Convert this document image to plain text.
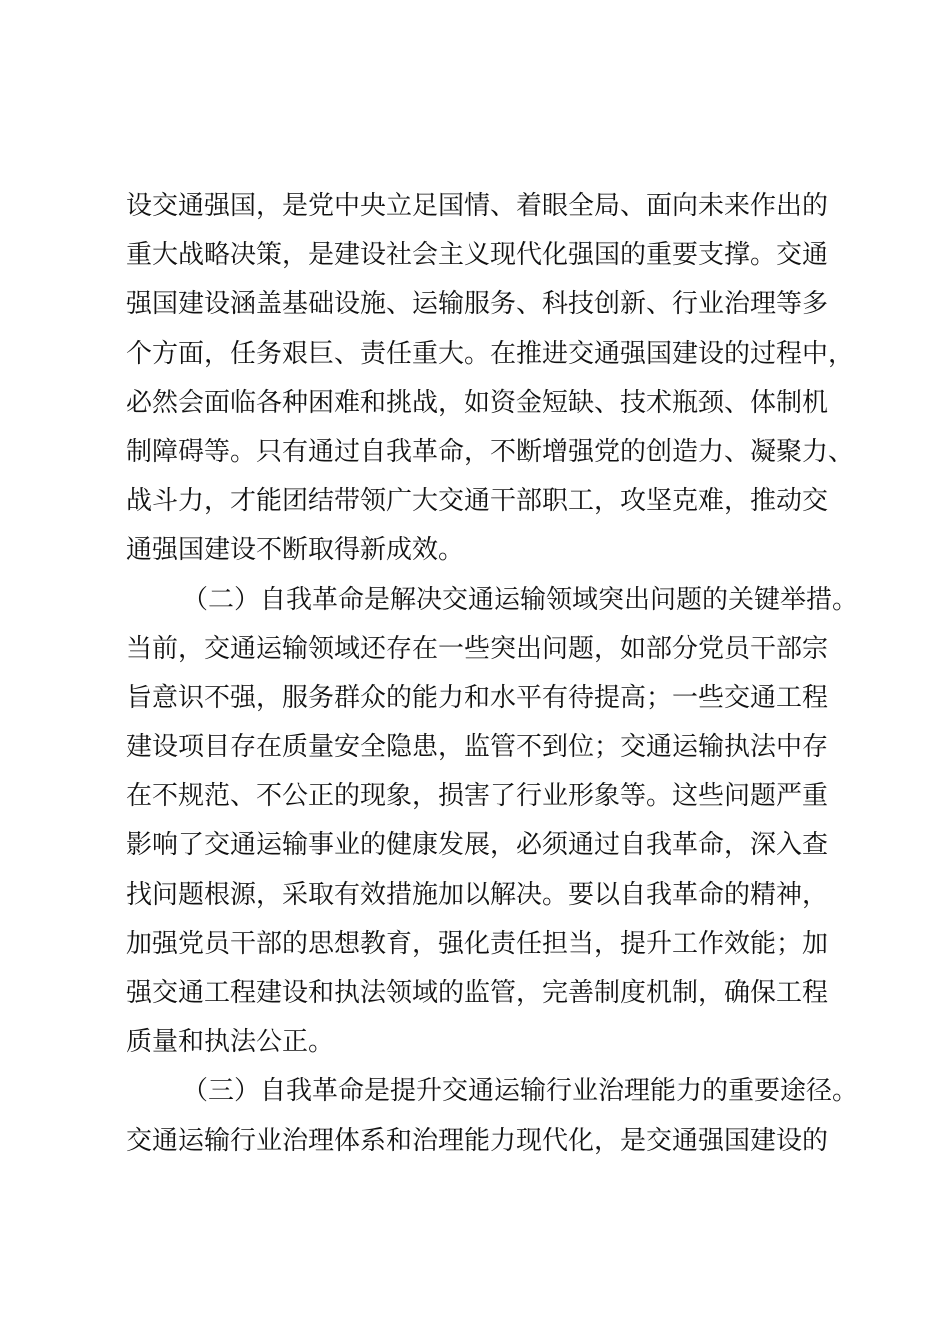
设交通强国，是党中央立足国情、着眼全局、面向未来作出的
重大战略决策，是建设社会主义现代化强国的重要支撑。交通
强国建设涵盖基础设施、运输服务、科技创新、行业治理等多
个方面，任务艰巨、责任重大。在推进交通强国建设的过程中，
必然会面临各种困难和挑战，如资金短缺、技术瓶颈、体制机
制障碍等。只有通过自我革命，不断增强党的创造力、凝聚力、
战斗力，才能团结带领广大交通干部职工，攻坚克难，推动交
通强国建设不断取得新成效。
（二）自我革命是解决交通运输领域突出问题的关键举措。
当前，交通运输领域还存在一些突出问题，如部分党员干部宗
旨意识不强，服务群众的能力和水平有待提高；一些交通工程
建设项目存在质量安全隐患，监管不到位；交通运输执法中存
在不规范、不公正的现象，损害了行业形象等。这些问题严重
影响了交通运输事业的健康发展，必须通过自我革命，深入查
找问题根源，采取有效措施加以解决。要以自我革命的精神，
加强党员干部的思想教育，强化责任担当，提升工作效能；加
强交通工程建设和执法领域的监管，完善制度机制，确保工程
质量和执法公正。
（三）自我革命是提升交通运输行业治理能力的重要途径。
交通运输行业治理体系和治理能力现代化，是交通强国建设的
